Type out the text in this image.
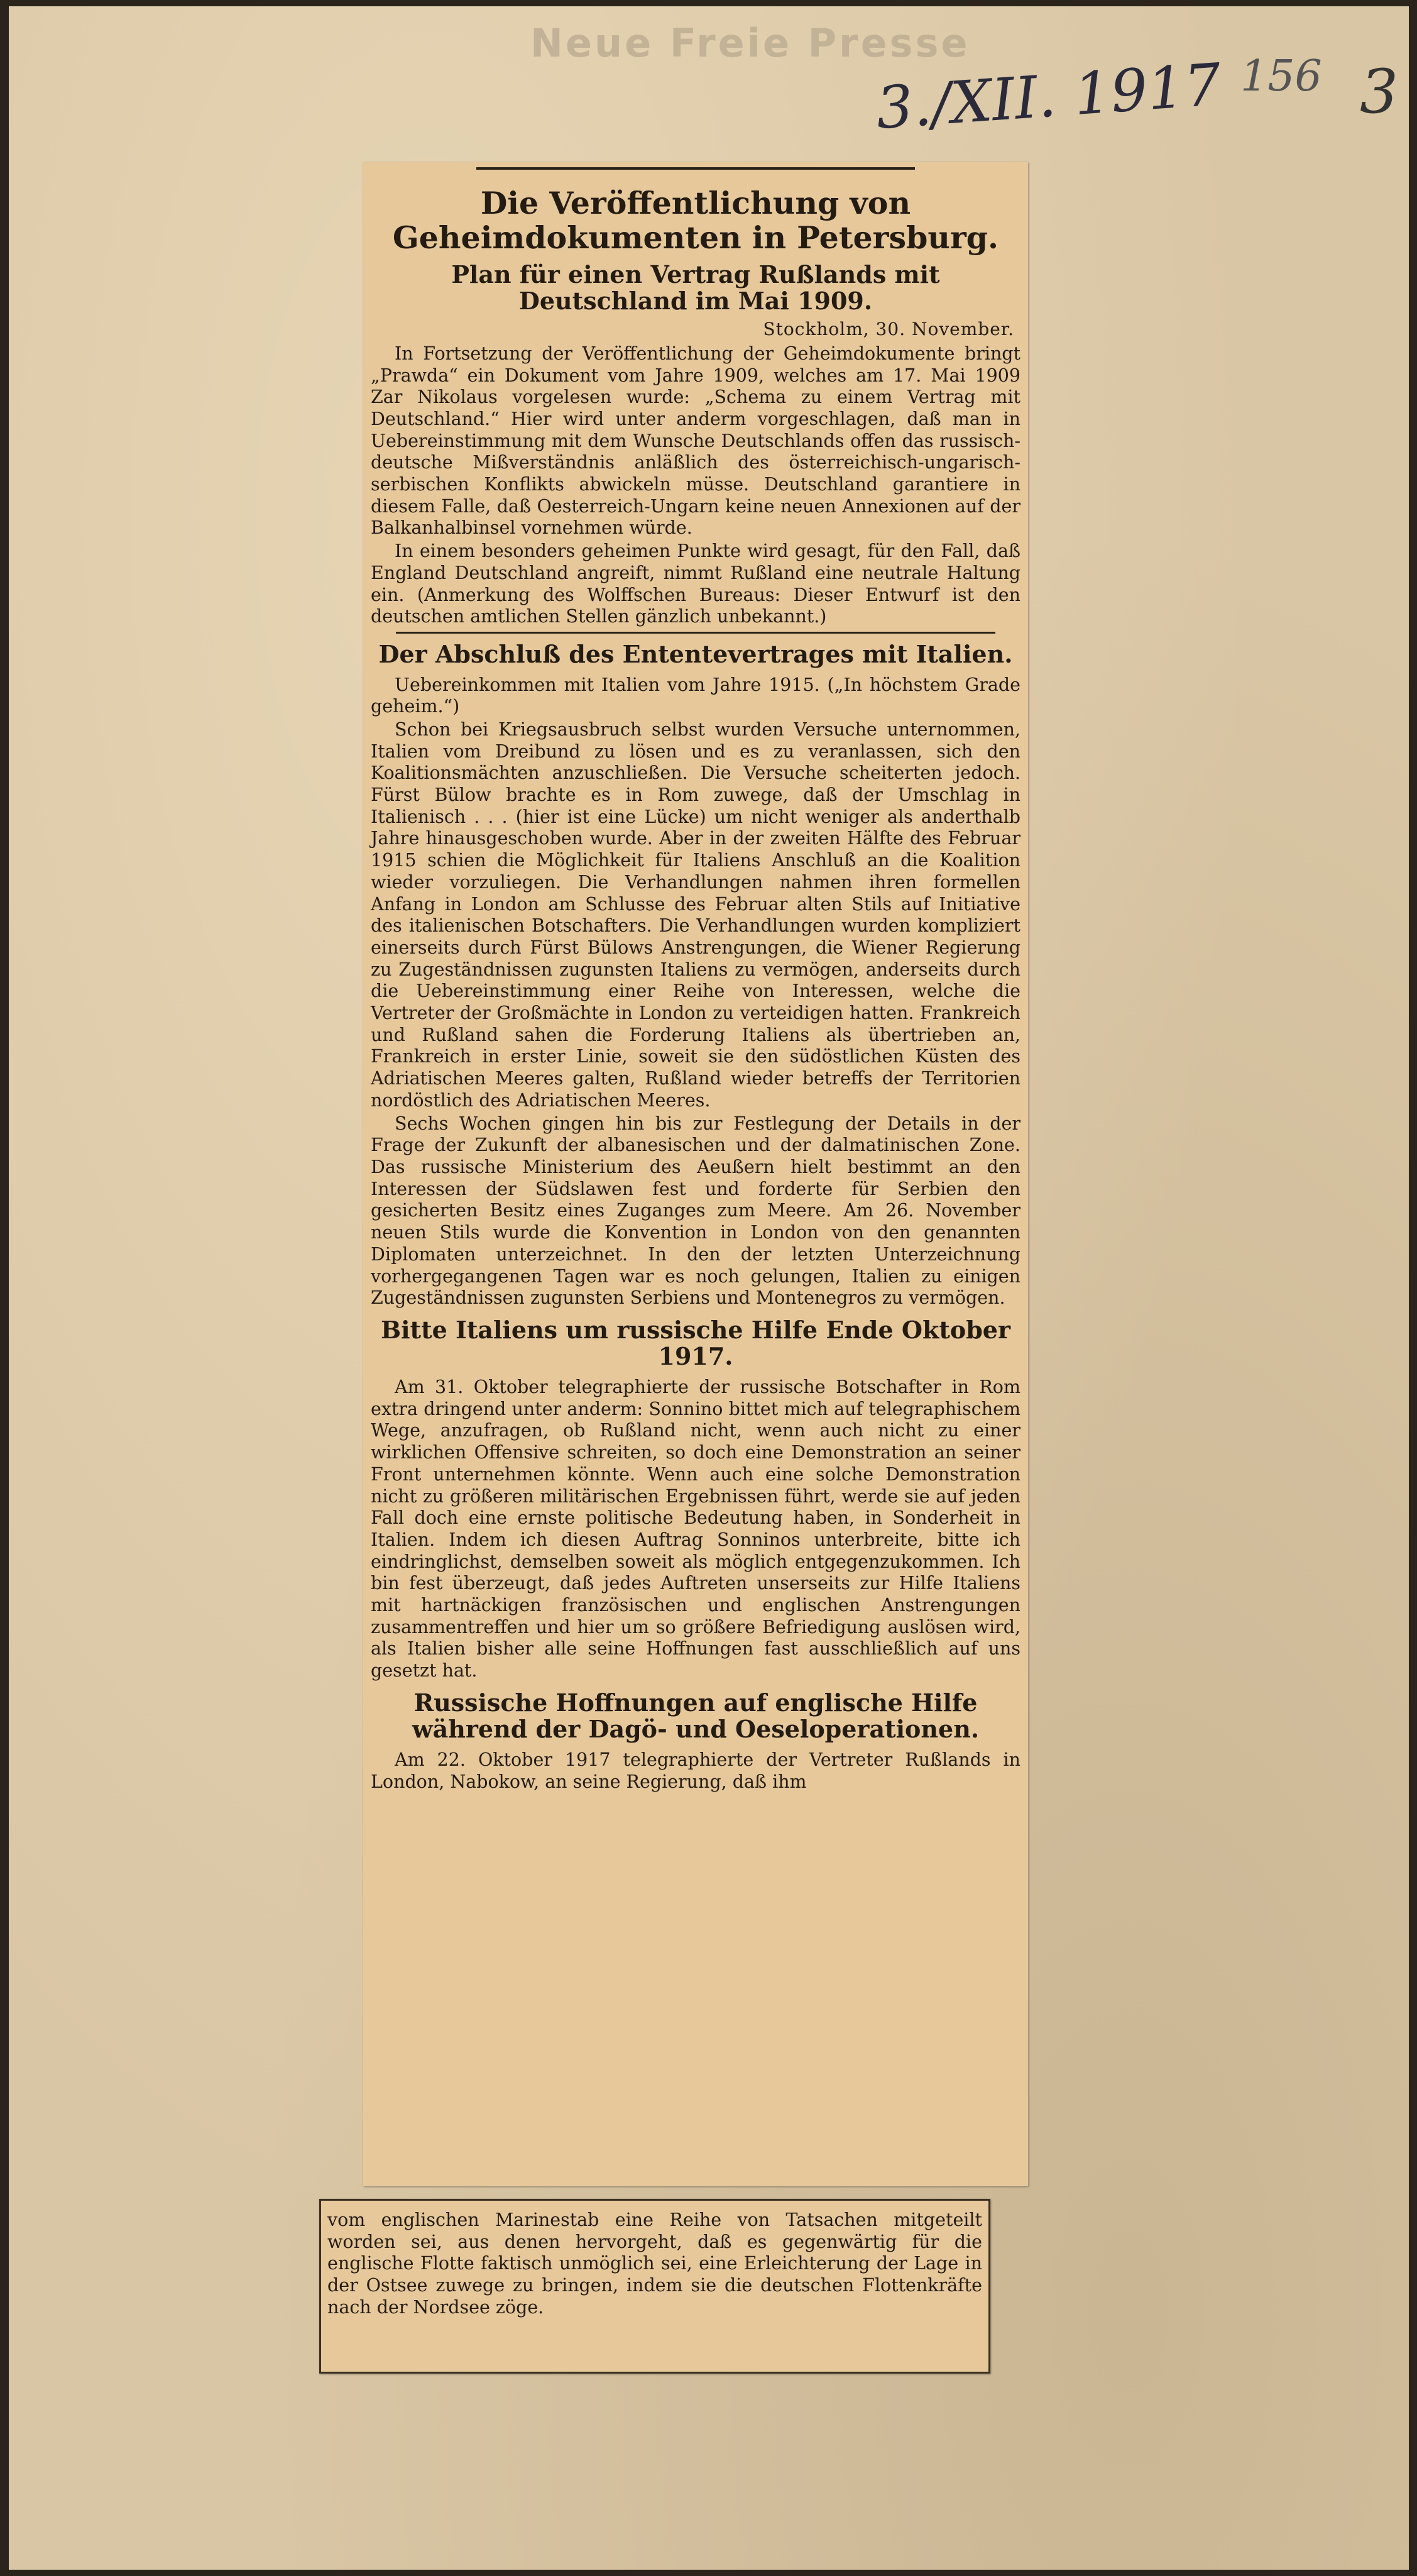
Neue Freie Presse
3./XII. 1917 156 3
Die Veröffentlichung von Geheimdokumenten in Petersburg.
Plan für einen Vertrag Rußlands mit Deutschland im Mai 1909.
Stockholm, 30. November.

In Fortsetzung der Veröffentlichung der Geheimdokumente bringt „Prawda“ ein Dokument vom Jahre 1909, welches am 17. Mai 1909 Zar Nikolaus vorgelesen wurde: „Schema zu einem Vertrag mit Deutschland.“ Hier wird unter anderm vorgeschlagen, daß man in Uebereinstimmung mit dem Wunsche Deutschlands offen das russisch-deutsche Mißverständnis anläßlich des österreichisch-ungarisch-serbischen Konflikts abwickeln müsse. Deutschland garantiere in diesem Falle, daß Oesterreich-Ungarn keine neuen Annexionen auf der Balkanhalbinsel vornehmen würde.

In einem besonders geheimen Punkte wird gesagt, für den Fall, daß England Deutschland angreift, nimmt Rußland eine neutrale Haltung ein. (Anmerkung des Wolffschen Bureaus: Dieser Entwurf ist den deutschen amtlichen Stellen gänzlich unbekannt.)

Der Abschluß des Ententevertrages mit Italien.

Uebereinkommen mit Italien vom Jahre 1915. („In höchstem Grade geheim.“)

Schon bei Kriegsausbruch selbst wurden Versuche unternommen, Italien vom Dreibund zu lösen und es zu veranlassen, sich den Koalitionsmächten anzuschließen. Die Versuche scheiterten jedoch. Fürst Bülow brachte es in Rom zuwege, daß der Umschlag in Italienisch . . . (hier ist eine Lücke) um nicht weniger als anderthalb Jahre hinausgeschoben wurde. Aber in der zweiten Hälfte des Februar 1915 schien die Möglichkeit für Italiens Anschluß an die Koalition wieder vorzuliegen. Die Verhandlungen nahmen ihren formellen Anfang in London am Schlusse des Februar alten Stils auf Initiative des italienischen Botschafters. Die Verhandlungen wurden kompliziert einerseits durch Fürst Bülows Anstrengungen, die Wiener Regierung zu Zugeständnissen zugunsten Italiens zu vermögen, anderseits durch die Uebereinstimmung einer Reihe von Interessen, welche die Vertreter der Großmächte in London zu verteidigen hatten. Frankreich und Rußland sahen die Forderung Italiens als übertrieben an, Frankreich in erster Linie, soweit sie den südöstlichen Küsten des Adriatischen Meeres galten, Rußland wieder betreffs der Territorien nordöstlich des Adriatischen Meeres.

Sechs Wochen gingen hin bis zur Festlegung der Details in der Frage der Zukunft der albanesischen und der dalmatinischen Zone. Das russische Ministerium des Aeußern hielt bestimmt an den Interessen der Südslawen fest und forderte für Serbien den gesicherten Besitz eines Zuganges zum Meere. Am 26. November neuen Stils wurde die Konvention in London von den genannten Diplomaten unterzeichnet. In den der letzten Unterzeichnung vorhergegangenen Tagen war es noch gelungen, Italien zu einigen Zugeständnissen zugunsten Serbiens und Montenegros zu vermögen.

Bitte Italiens um russische Hilfe Ende Oktober 1917.

Am 31. Oktober telegraphierte der russische Botschafter in Rom extra dringend unter anderm: Sonnino bittet mich auf telegraphischem Wege, anzufragen, ob Rußland nicht, wenn auch nicht zu einer wirklichen Offensive schreiten, so doch eine Demonstration an seiner Front unternehmen könnte. Wenn auch eine solche Demonstration nicht zu größeren militärischen Ergebnissen führt, werde sie auf jeden Fall doch eine ernste politische Bedeutung haben, in Sonderheit in Italien. Indem ich diesen Auftrag Sonninos unterbreite, bitte ich eindringlichst, demselben soweit als möglich entgegenzukommen. Ich bin fest überzeugt, daß jedes Auftreten unserseits zur Hilfe Italiens mit hartnäckigen französischen und englischen Anstrengungen zusammentreffen und hier um so größere Befriedigung auslösen wird, als Italien bisher alle seine Hoffnungen fast ausschließlich auf uns gesetzt hat.

Russische Hoffnungen auf englische Hilfe während der Dagö- und Oeseloperationen.

Am 22. Oktober 1917 telegraphierte der Vertreter Rußlands in London, Nabokow, an seine Regierung, daß ihm

vom englischen Marinestab eine Reihe von Tatsachen mitgeteilt worden sei, aus denen hervorgeht, daß es gegenwärtig für die englische Flotte faktisch unmöglich sei, eine Erleichterung der Lage in der Ostsee zuwege zu bringen, indem sie die deutschen Flottenkräfte nach der Nordsee zöge.
